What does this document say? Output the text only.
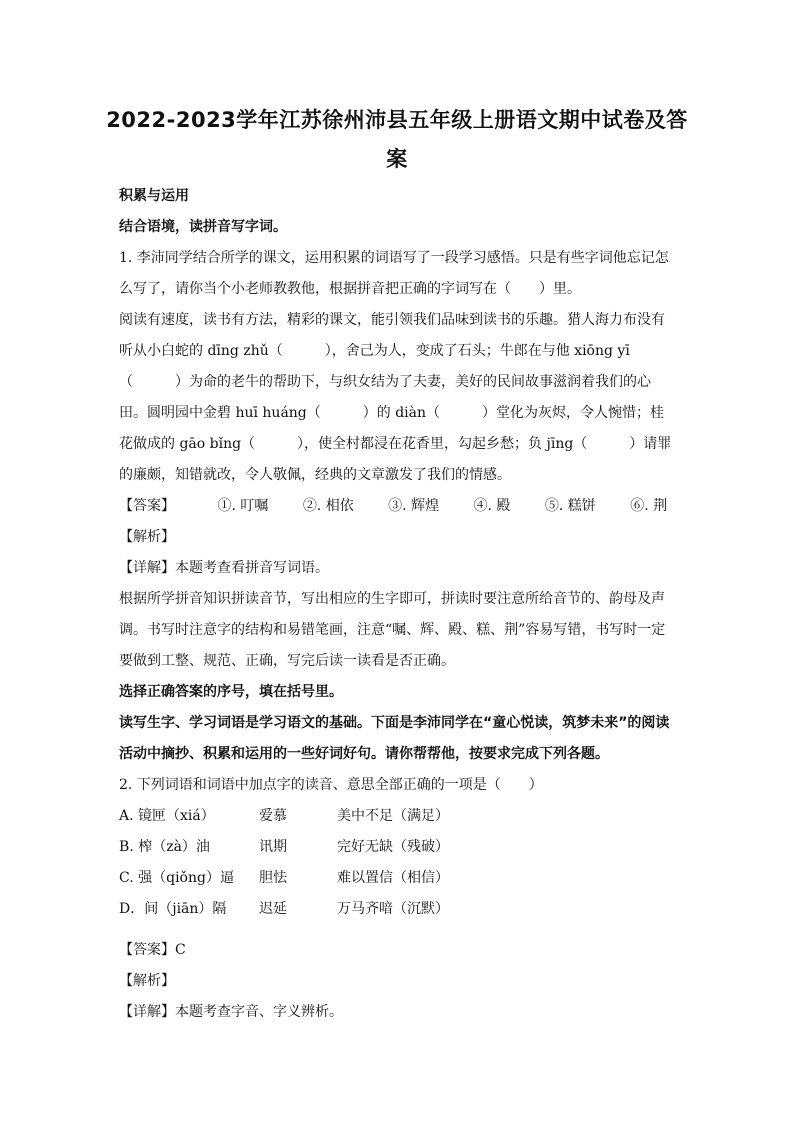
2022-2023学年江苏徐州沛县五年级上册语文期中试卷及答案

积累与运用

结合语境，读拼音写字词。

1. 李沛同学结合所学的课文，运用积累的词语写了一段学习感悟。只是有些字词他忘记怎么写了，请你当个小老师教教他，根据拼音把正确的字词写在（　　）里。

阅读有速度，读书有方法，精彩的课文，能引领我们品味到读书的乐趣。猎人海力布没有听从小白蛇的 dīng zhǔ（　　　），舍己为人，变成了石头；牛郎在与他 xiōng yī（　　　）为命的老牛的帮助下，与织女结为了夫妻，美好的民间故事滋润着我们的心田。圆明园中金碧 huī huáng（　　　）的 diàn（　　　）堂化为灰烬，令人惋惜；桂花做成的 gāo bǐng（　　　），使全村都浸在花香里，勾起乡愁；负 jīng（　　　）请罪的廉颇，知错就改，令人敬佩，经典的文章激发了我们的情感。

【答案】	①. 叮嘱 ②. 相依 ③. 辉煌 ④. 殿 ⑤. 糕饼 ⑥. 荆

【解析】

【详解】本题考查看拼音写词语。

根据所学拼音知识拼读音节，写出相应的生字即可，拼读时要注意所给音节的、韵母及声调。书写时注意字的结构和易错笔画，注意“嘱、辉、殿、糕、荆”容易写错，书写时一定要做到工整、规范、正确，写完后读一读看是否正确。

选择正确答案的序号，填在括号里。

读写生字、学习词语是学习语文的基础。下面是李沛同学在“童心悦读，筑梦未来”的阅读活动中摘抄、积累和运用的一些好词好句。请你帮帮他，按要求完成下列各题。

2. 下列词语和词语中加点字的读音、意思全部正确的一项是（　　）

A. 镜匣（xiá）	爱慕	美中不足（满足）

B. 榨（zà）油	讯期	完好无缺（残破）

C. 强（qiǒng）逼 胆怯	难以置信（相信）

D．间（jiān）隔 迟延	万马齐喑（沉默）

【答案】C

【解析】

【详解】本题考查字音、字义辨析。
